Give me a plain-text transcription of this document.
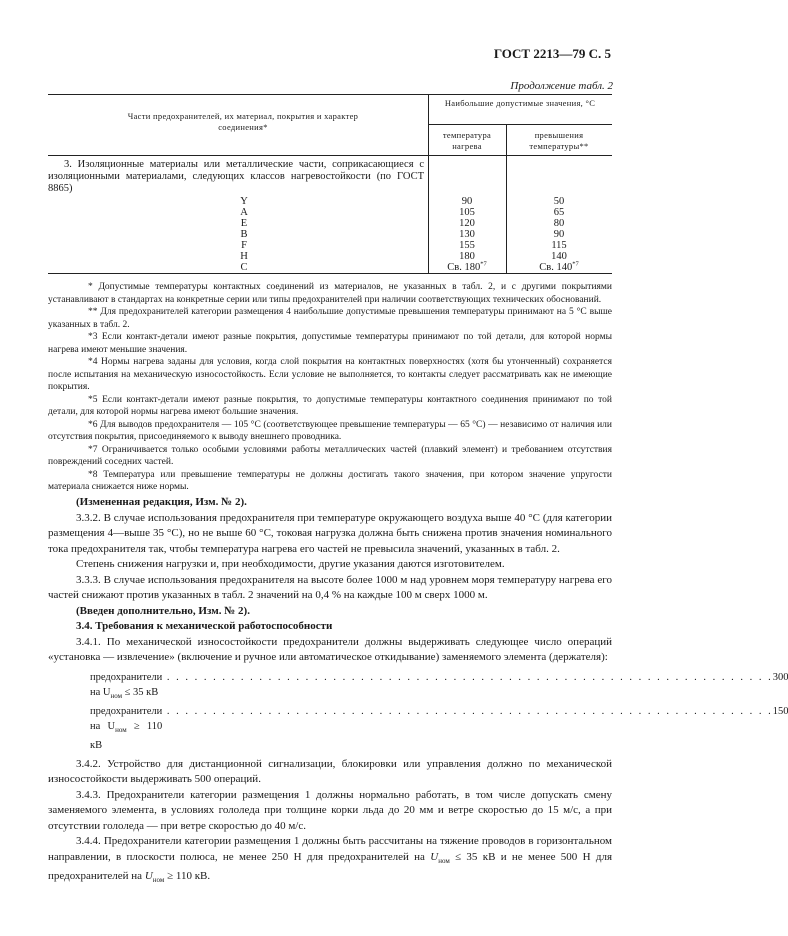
ГОСТ 2213—79 С. 5
Продолжение табл. 2
Части предохранителей, их материал, покрытия и характер соединения*
Наибольшие допустимые значения, °С
температура нагрева
превышения температуры**
3. Изоляционные материалы или металлические части, соприкасающиеся с изоляционными материалами, следующих классов нагревостойкости (по ГОСТ 8865)
Y	90	50
A	105	65
E	120	80
B	130	90
F	155	115
H	180	140
C	Св. 180$^{*7}$	Св. 140$^{*7}$

* Допустимые температуры контактных соединений из материалов, не указанных в табл. 2, и с другими покрытиями устанавливают в стандартах на конкретные серии или типы предохранителей при наличии соответствующих технических обоснований.

** Для предохранителей категории размещения 4 наибольшие допустимые превышения температуры принимают на 5 °С выше указанных в табл. 2.

*3 Если контакт-детали имеют разные покрытия, допустимые температуры принимают по той детали, для которой нормы нагрева имеют меньшие значения.

*4 Нормы нагрева заданы для условия, когда слой покрытия на контактных поверхностях (хотя бы утонченный) сохраняется после испытания на механическую износостойкость. Если условие не выполняется, то контакты следует рассматривать как не имеющие покрытия.

*5 Если контакт-детали имеют разные покрытия, то допустимые температуры контактного соединения принимают по той детали, для которой нормы нагрева имеют большие значения.

*6 Для выводов предохранителя — 105 °С (соответствующее превышение температуры — 65 °С) — независимо от наличия или отсутствия покрытия, присоединяемого к выводу внешнего проводника.

*7 Ограничивается только особыми условиями работы металлических частей (плавкий элемент) и требованием отсутствия повреждений соседних частей.

*8 Температура или превышение температуры не должны достигать такого значения, при котором значение упругости материала снижается ниже нормы.

(Измененная редакция, Изм. № 2).

3.3.2. В случае использования предохранителя при температуре окружающего воздуха выше 40 °С (для категории размещения 4—выше 35 °С), но не выше 60 °С, токовая нагрузка должна быть снижена против значения номинального тока предохранителя так, чтобы температура нагрева его частей не превысила значений, указанных в табл. 2.

Степень снижения нагрузки и, при необходимости, другие указания даются изготовителем.

3.3.3. В случае использования предохранителя на высоте более 1000 м над уровнем моря температуру нагрева его частей снижают против указанных в табл. 2 значений на 0,4 % на каждые 100 м сверх 1000 м.

(Введен дополнительно, Изм. № 2).

3.4. Требования к механической работоспособности

3.4.1. По механической износостойкости предохранители должны выдерживать следующее число операций «установка — извлечение» (включение и ручное или автоматическое откидывание) заменяемого элемента (держателя):

предохранители на $U_{ном} \le 35$ кВ
. . . . . . . . . . . . . . . . . . . . . . . . . . . . . . . . . . . . . . . . . . . . . . . . . . . . . . . . . . . . . . . . . . 300
предохранители на $U_{ном} \ge 110$ кВ
. . . . . . . . . . . . . . . . . . . . . . . . . . . . . . . . . . . . . . . . . . . . . . . . . . . . . . . . . . . . . . . . . . 150

3.4.2. Устройство для дистанционной сигнализации, блокировки или управления должно по механической износостойкости выдерживать 500 операций.

3.4.3. Предохранители категории размещения 1 должны нормально работать, в том числе допускать смену заменяемого элемента, в условиях гололеда при толщине корки льда до 20 мм и ветре скоростью до 15 м/с, а при отсутствии гололеда — при ветре скоростью до 40 м/с.

3.4.4. Предохранители категории размещения 1 должны быть рассчитаны на тяжение проводов в горизонтальном направлении, в плоскости полюса, не менее 250 Н для предохранителей на $U_{ном} \le 35$ кВ и не менее 500 Н для предохранителей на $U_{ном} \ge 110$ кВ.
